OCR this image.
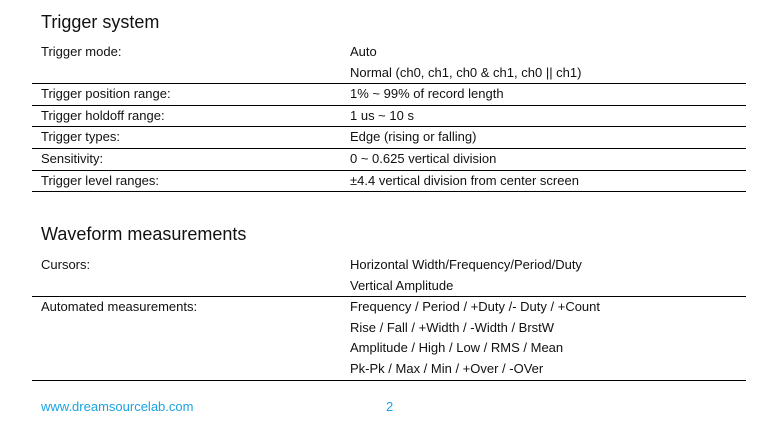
Trigger system
Trigger mode:	Auto
Normal (ch0, ch1, ch0 & ch1, ch0 || ch1)

Trigger position range:	1% ~ 99% of record length

Trigger holdoff range:	1 us ~ 10 s

Trigger types:	Edge (rising or falling)

Sensitivity:	0 ~ 0.625 vertical division

Trigger level ranges:	±4.4 vertical division from center screen
Waveform measurements
Cursors:	Horizontal Width/Frequency/Period/Duty
Vertical Amplitude

Automated measurements:	Frequency / Period / +Duty /- Duty / +Count
Rise / Fall / +Width / -Width / BrstW
Amplitude / High / Low / RMS / Mean
Pk-Pk / Max / Min / +Over / -OVer
www.dreamsourcelab.com	2
